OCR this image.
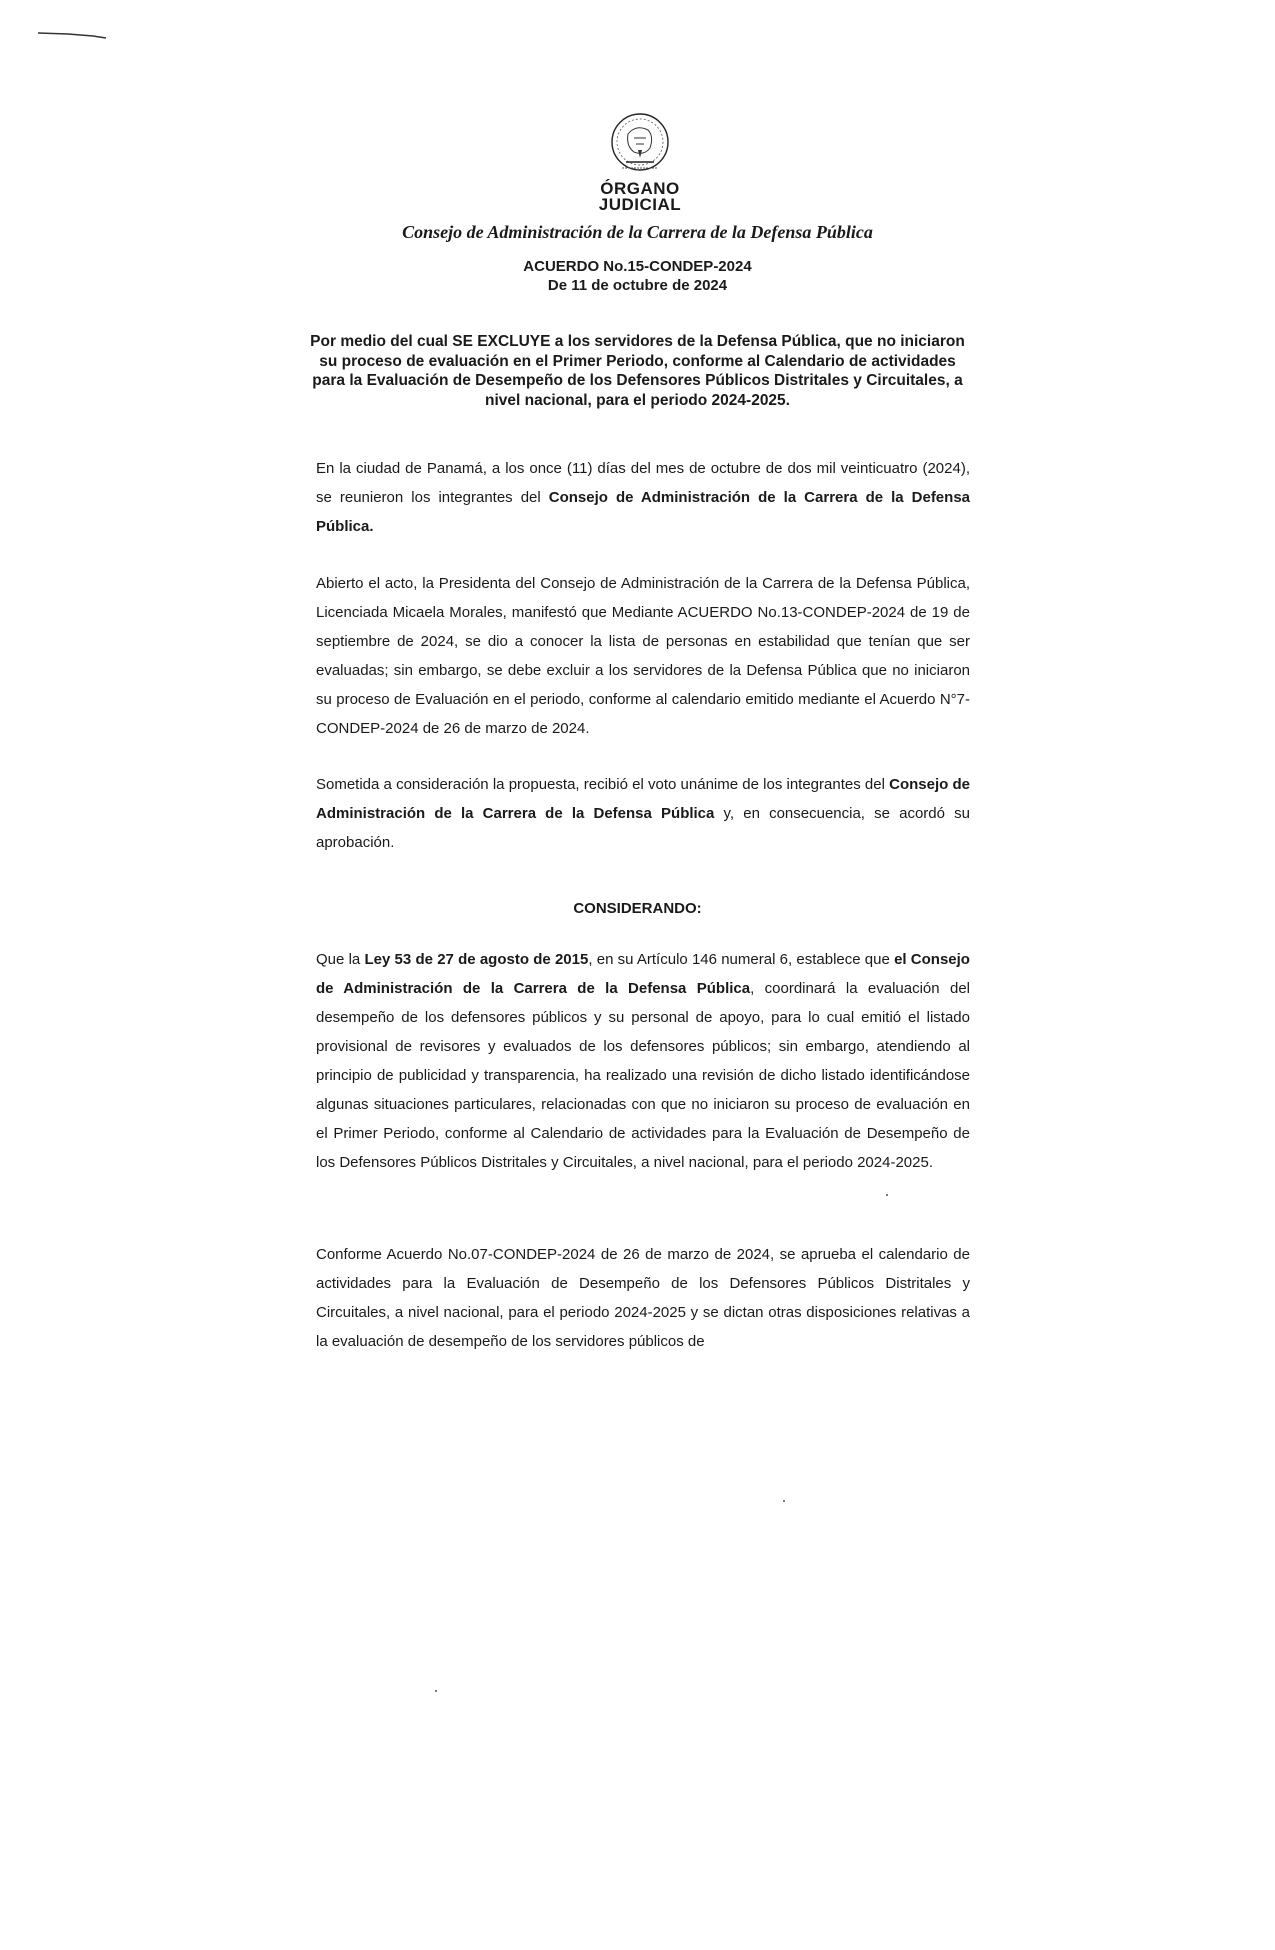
ÓRGANO
JUDICIAL
Consejo de Administración de la Carrera de la Defensa Pública
ACUERDO No.15-CONDEP-2024
De 11 de octubre de 2024
Por medio del cual SE EXCLUYE a los servidores de la Defensa Pública, que no iniciaron su proceso de evaluación en el Primer Periodo, conforme al Calendario de actividades para la Evaluación de Desempeño de los Defensores Públicos Distritales y Circuitales, a nivel nacional, para el periodo 2024-2025.
En la ciudad de Panamá, a los once (11) días del mes de octubre de dos mil veinticuatro (2024), se reunieron los integrantes del Consejo de Administración de la Carrera de la Defensa Pública.
Abierto el acto, la Presidenta del Consejo de Administración de la Carrera de la Defensa Pública, Licenciada Micaela Morales, manifestó que Mediante ACUERDO No.13-CONDEP-2024 de 19 de septiembre de 2024, se dio a conocer la lista de personas en estabilidad que tenían que ser evaluadas; sin embargo, se debe excluir a los servidores de la Defensa Pública que no iniciaron su proceso de Evaluación en el periodo, conforme al calendario emitido mediante el Acuerdo N°7-CONDEP-2024 de 26 de marzo de 2024.
Sometida a consideración la propuesta, recibió el voto unánime de los integrantes del Consejo de Administración de la Carrera de la Defensa Pública y, en consecuencia, se acordó su aprobación.
CONSIDERANDO:
Que la Ley 53 de 27 de agosto de 2015, en su Artículo 146 numeral 6, establece que el Consejo de Administración de la Carrera de la Defensa Pública, coordinará la evaluación del desempeño de los defensores públicos y su personal de apoyo, para lo cual emitió el listado provisional de revisores y evaluados de los defensores públicos; sin embargo, atendiendo al principio de publicidad y transparencia, ha realizado una revisión de dicho listado identificándose algunas situaciones particulares, relacionadas con que no iniciaron su proceso de evaluación en el Primer Periodo, conforme al Calendario de actividades para la Evaluación de Desempeño de los Defensores Públicos Distritales y Circuitales, a nivel nacional, para el periodo 2024-2025.
Conforme Acuerdo No.07-CONDEP-2024 de 26 de marzo de 2024, se aprueba el calendario de actividades para la Evaluación de Desempeño de los Defensores Públicos Distritales y Circuitales, a nivel nacional, para el periodo 2024-2025 y se dictan otras disposiciones relativas a la evaluación de desempeño de los servidores públicos de
